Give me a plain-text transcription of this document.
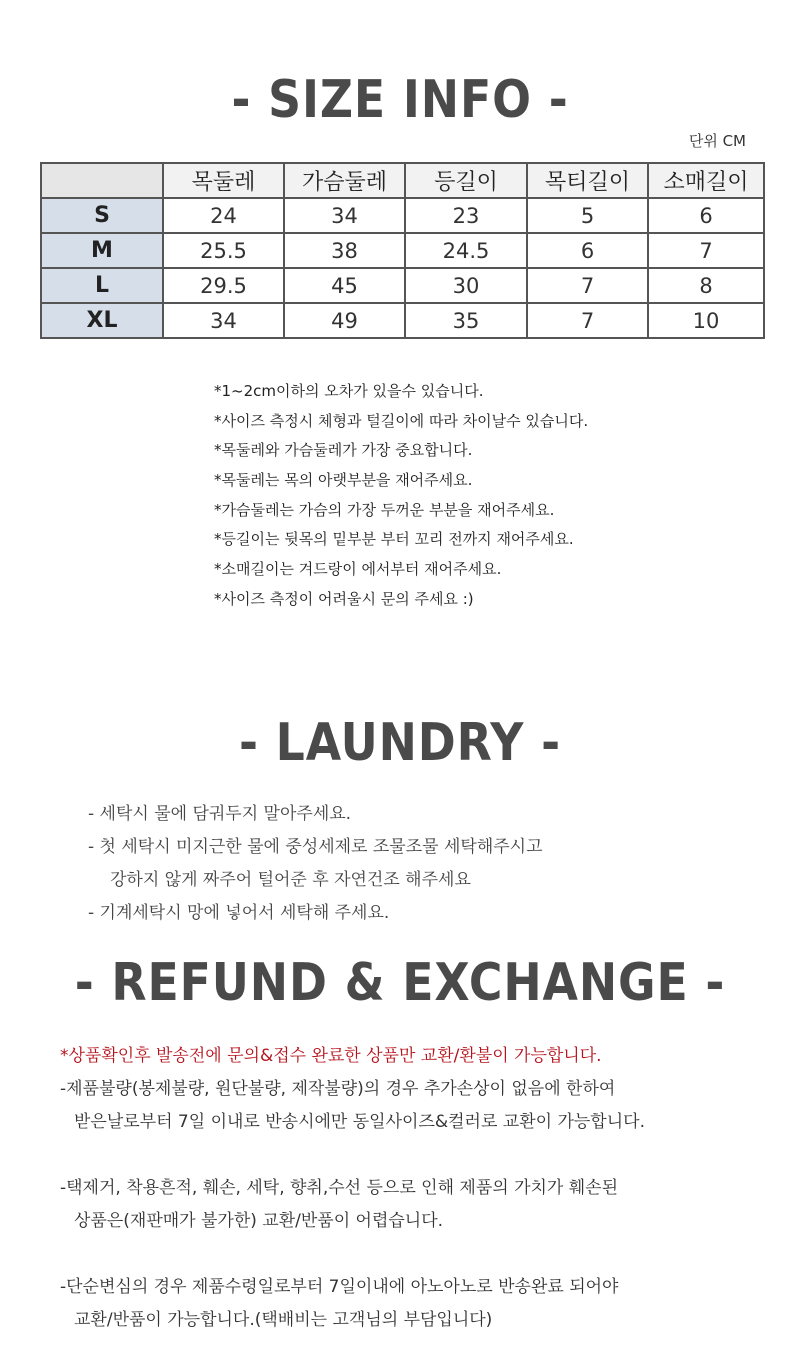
- SIZE INFO -
단위 CM
	목둘레	가슴둘레	등길이	목티길이	소매길이
S	24	34	23	5	6
M	25.5	38	24.5	6	7
L	29.5	45	30	7	8
XL	34	49	35	7	10
*1~2cm이하의 오차가 있을수 있습니다.
*사이즈 측정시 체형과 털길이에 따라 차이날수 있습니다.
*목둘레와 가슴둘레가 가장 중요합니다.
*목둘레는 목의 아랫부분을 재어주세요.
*가슴둘레는 가슴의 가장 두꺼운 부분을 재어주세요.
*등길이는 뒷목의 밑부분 부터 꼬리 전까지 재어주세요.
*소매길이는 겨드랑이 에서부터 재어주세요.
*사이즈 측정이 어려울시 문의 주세요 :)
- LAUNDRY -
- 세탁시 물에 담궈두지 말아주세요.
- 첫 세탁시 미지근한 물에 중성세제로 조물조물 세탁해주시고
강하지 않게 짜주어 털어준 후 자연건조 해주세요
- 기계세탁시 망에 넣어서 세탁해 주세요.
- REFUND & EXCHANGE -
*상품확인후 발송전에 문의&접수 완료한 상품만 교환/환불이 가능합니다.
-제품불량(봉제불량, 원단불량, 제작불량)의 경우 추가손상이 없음에 한하여
받은날로부터 7일 이내로 반송시에만 동일사이즈&컬러로 교환이 가능합니다.
-택제거, 착용흔적, 훼손, 세탁, 향취,수선 등으로 인해 제품의 가치가 훼손된
상품은(재판매가 불가한) 교환/반품이 어렵습니다.
-단순변심의 경우 제품수령일로부터 7일이내에 아노아노로 반송완료 되어야
교환/반품이 가능합니다.(택배비는 고객님의 부담입니다)
